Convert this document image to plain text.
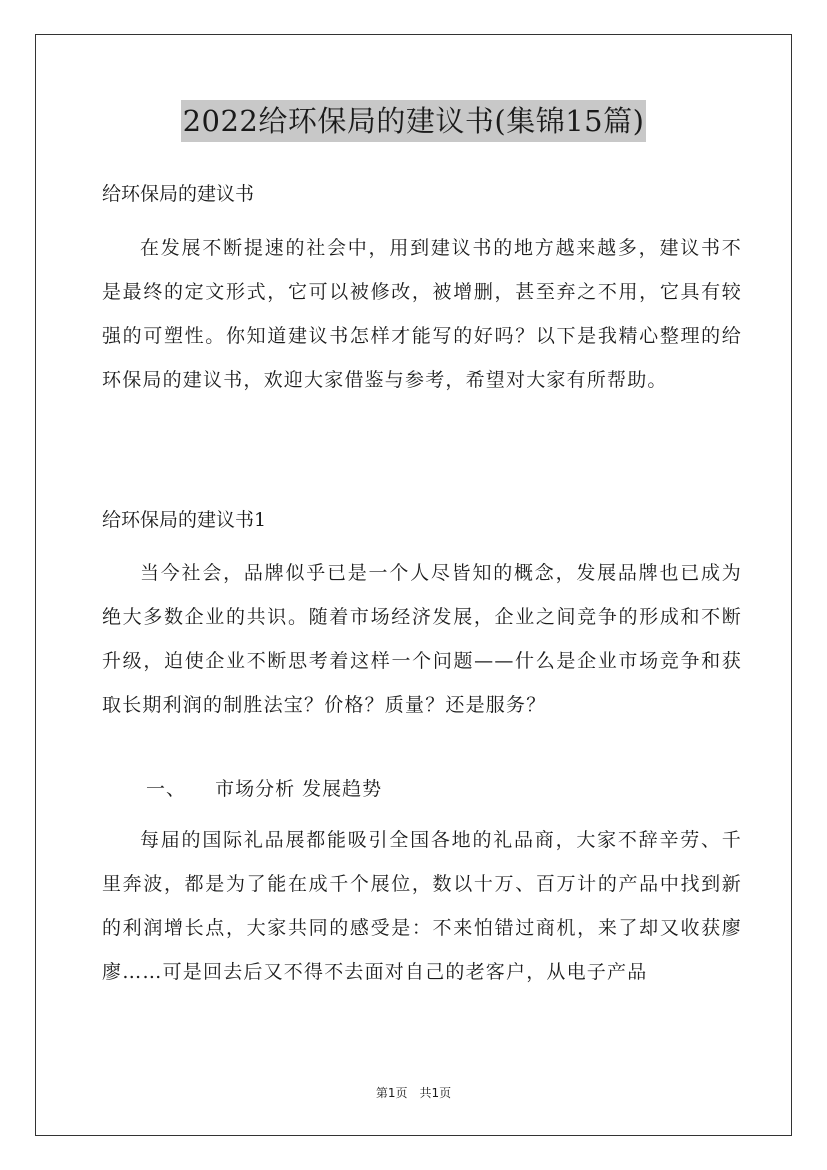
2022给环保局的建议书(集锦15篇)
给环保局的建议书
在发展不断提速的社会中，用到建议书的地方越来越多，建议书不是最终的定文形式，它可以被修改，被增删，甚至弃之不用，它具有较强的可塑性。你知道建议书怎样才能写的好吗？以下是我精心整理的给环保局的建议书，欢迎大家借鉴与参考，希望对大家有所帮助。
给环保局的建议书1
当今社会，品牌似乎已是一个人尽皆知的概念，发展品牌也已成为绝大多数企业的共识。随着市场经济发展，企业之间竞争的形成和不断升级，迫使企业不断思考着这样一个问题——什么是企业市场竞争和获取长期利润的制胜法宝？价格？质量？还是服务？
一、 市场分析 发展趋势
每届的国际礼品展都能吸引全国各地的礼品商，大家不辞辛劳、千里奔波，都是为了能在成千个展位，数以十万、百万计的产品中找到新的利润增长点，大家共同的感受是：不来怕错过商机，来了却又收获廖廖……可是回去后又不得不去面对自己的老客户，从电子产品
第1页 共1页
